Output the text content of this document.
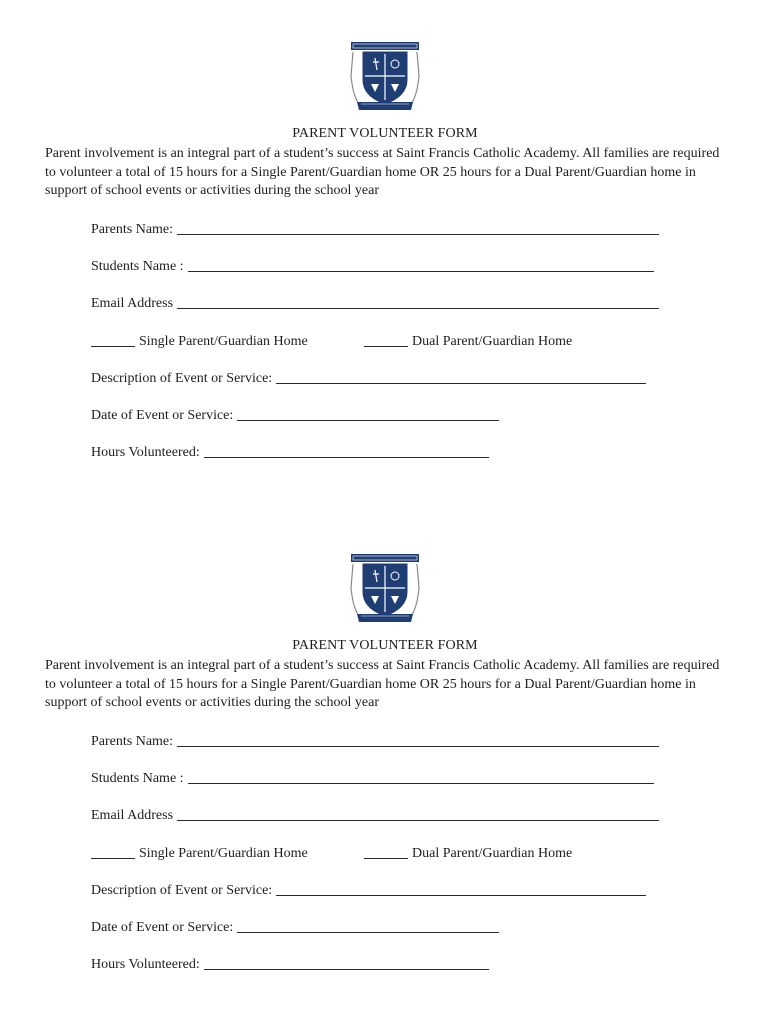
PARENT VOLUNTEER FORM

Parent involvement is an integral part of a student’s success at Saint Francis Catholic Academy. All families are required to volunteer a total of 15 hours for a Single Parent/Guardian home OR 25 hours for a Dual Parent/Guardian home in support of school events or activities during the school year

Parents Name:
Students Name :
Email Address
Single Parent/Guardian Home	Dual Parent/Guardian Home
Description of Event or Service:
Date of Event or Service:
Hours Volunteered:
PARENT VOLUNTEER FORM

Parent involvement is an integral part of a student’s success at Saint Francis Catholic Academy. All families are required to volunteer a total of 15 hours for a Single Parent/Guardian home OR 25 hours for a Dual Parent/Guardian home in support of school events or activities during the school year

Parents Name:
Students Name :
Email Address
Single Parent/Guardian Home	Dual Parent/Guardian Home
Description of Event or Service:
Date of Event or Service:
Hours Volunteered:
